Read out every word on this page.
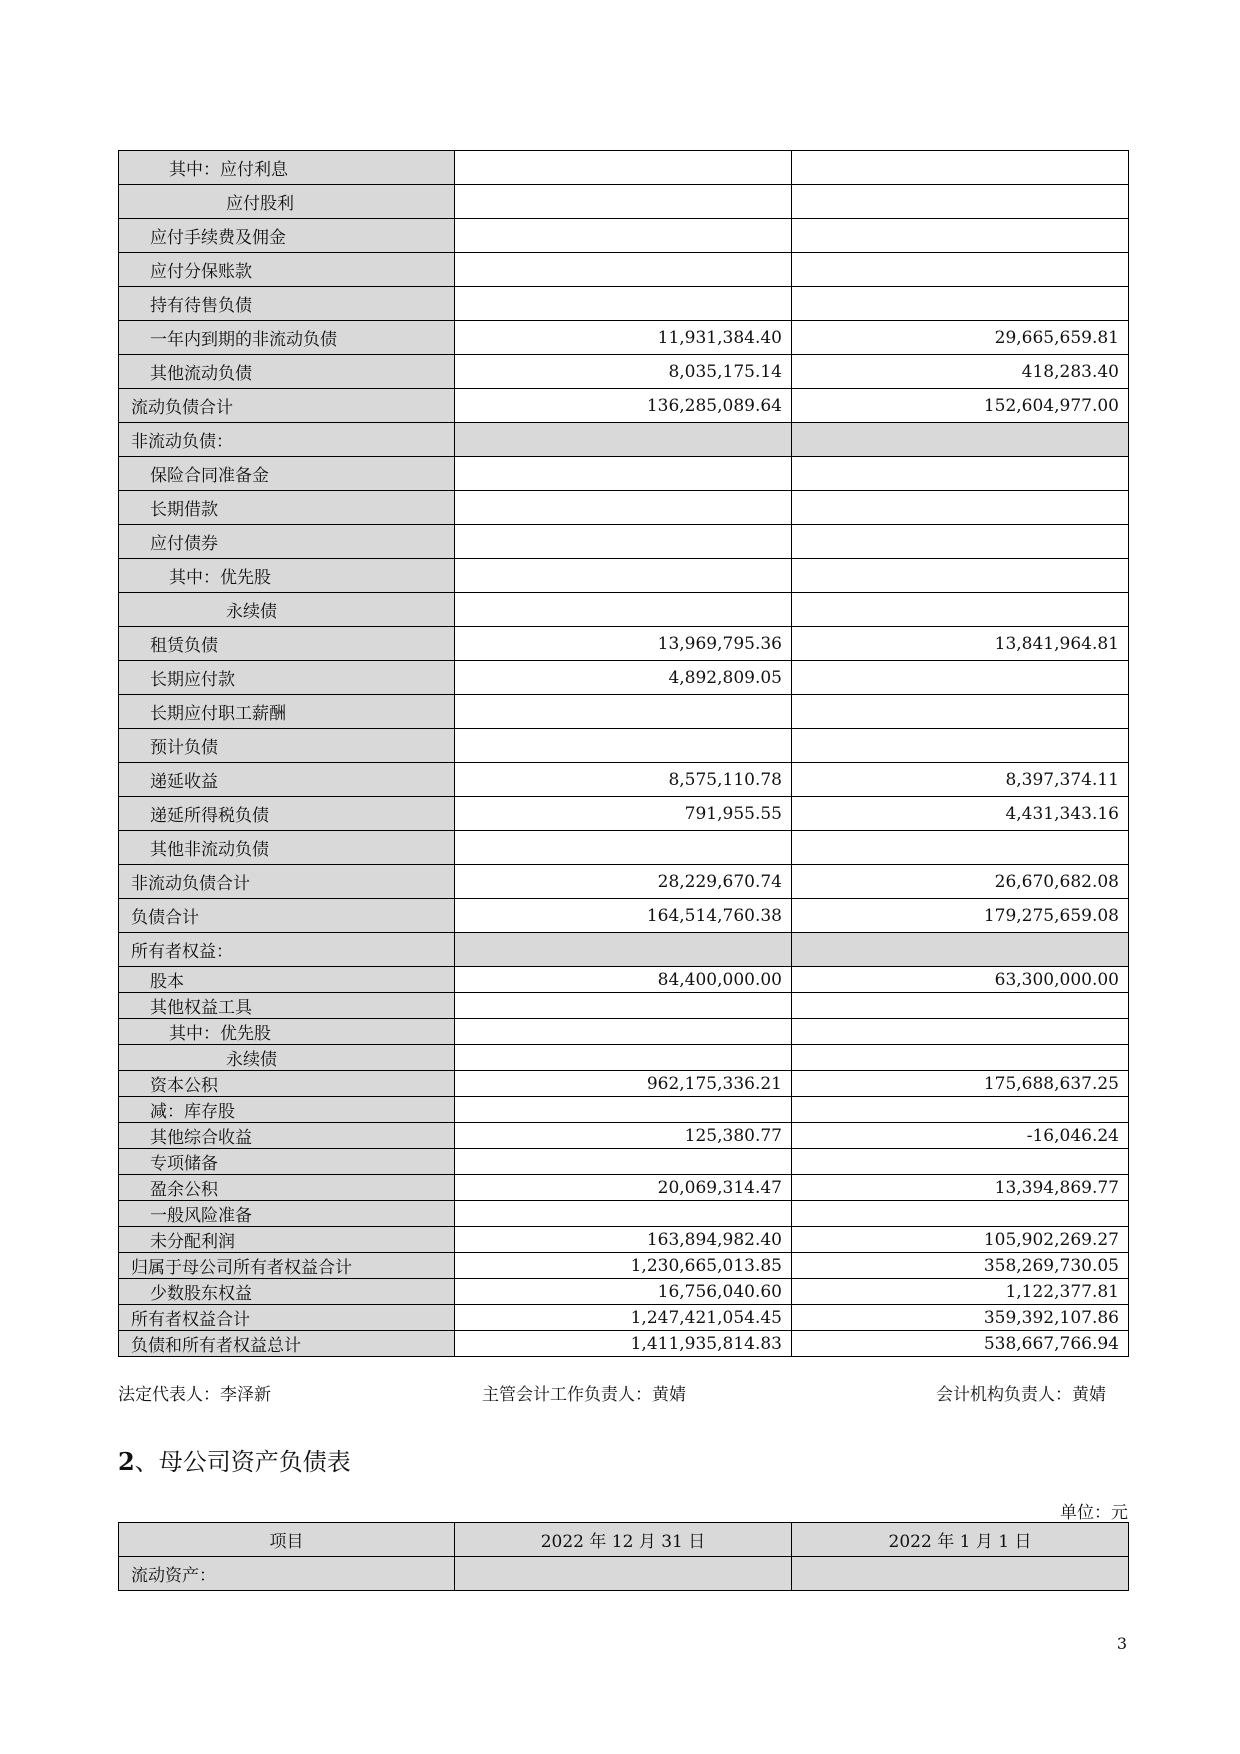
其中：应付利息		
应付股利		
应付手续费及佣金		
应付分保账款		
持有待售负债		
一年内到期的非流动负债	11,931,384.40	29,665,659.81
其他流动负债	8,035,175.14	418,283.40
流动负债合计	136,285,089.64	152,604,977.00
非流动负债：		
保险合同准备金		
长期借款		
应付债券		
其中：优先股		
永续债		
租赁负债	13,969,795.36	13,841,964.81
长期应付款	4,892,809.05	
长期应付职工薪酬		
预计负债		
递延收益	8,575,110.78	8,397,374.11
递延所得税负债	791,955.55	4,431,343.16
其他非流动负债		
非流动负债合计	28,229,670.74	26,670,682.08
负债合计	164,514,760.38	179,275,659.08
所有者权益：		
股本	84,400,000.00	63,300,000.00
其他权益工具		
其中：优先股		
永续债		
资本公积	962,175,336.21	175,688,637.25
减：库存股		
其他综合收益	125,380.77	-16,046.24
专项储备		
盈余公积	20,069,314.47	13,394,869.77
一般风险准备		
未分配利润	163,894,982.40	105,902,269.27
归属于母公司所有者权益合计	1,230,665,013.85	358,269,730.05
少数股东权益	16,756,040.60	1,122,377.81
所有者权益合计	1,247,421,054.45	359,392,107.86
负债和所有者权益总计	1,411,935,814.83	538,667,766.94
法定代表人：李泽新	主管会计工作负责人：黄婧	会计机构负责人：黄婧
2、母公司资产负债表
单位：元
项目	2022 年 12 月 31 日	2022 年 1 月 1 日
流动资产：		
3
